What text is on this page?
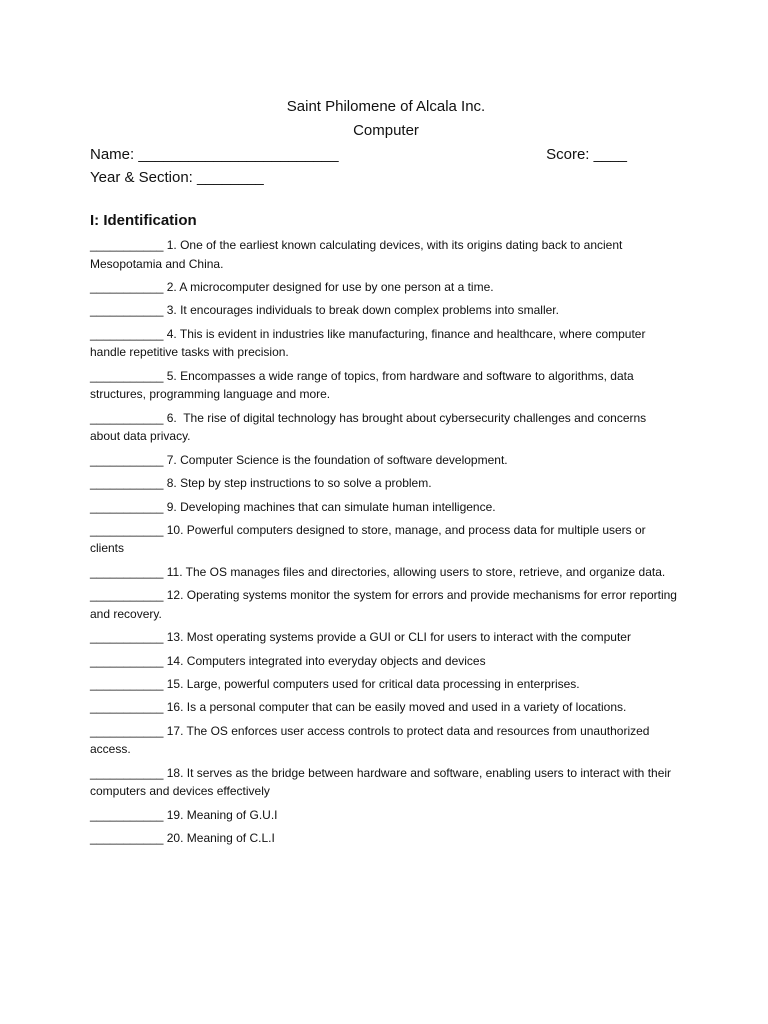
Saint Philomene of Alcala Inc.
Computer
Name: ________________________	Score: ____
Year & Section: ________
I: Identification
___________ 1. One of the earliest known calculating devices, with its origins dating back to ancient Mesopotamia and China.
___________ 2. A microcomputer designed for use by one person at a time.
___________ 3. It encourages individuals to break down complex problems into smaller.
___________ 4. This is evident in industries like manufacturing, finance and healthcare, where computer handle repetitive tasks with precision.
___________ 5. Encompasses a wide range of topics, from hardware and software to algorithms, data structures, programming language and more.
___________ 6.  The rise of digital technology has brought about cybersecurity challenges and concerns about data privacy.
___________ 7. Computer Science is the foundation of software development.
___________ 8. Step by step instructions to so solve a problem.
___________ 9. Developing machines that can simulate human intelligence.
___________ 10. Powerful computers designed to store, manage, and process data for multiple users or clients
___________ 11. The OS manages files and directories, allowing users to store, retrieve, and organize data.
___________ 12. Operating systems monitor the system for errors and provide mechanisms for error reporting and recovery.
___________ 13. Most operating systems provide a GUI or CLI for users to interact with the computer
___________ 14. Computers integrated into everyday objects and devices
___________ 15. Large, powerful computers used for critical data processing in enterprises.
___________ 16. Is a personal computer that can be easily moved and used in a variety of locations.
___________ 17. The OS enforces user access controls to protect data and resources from unauthorized access.
___________ 18. It serves as the bridge between hardware and software, enabling users to interact with their computers and devices effectively
___________ 19. Meaning of G.U.I
___________ 20. Meaning of C.L.I
